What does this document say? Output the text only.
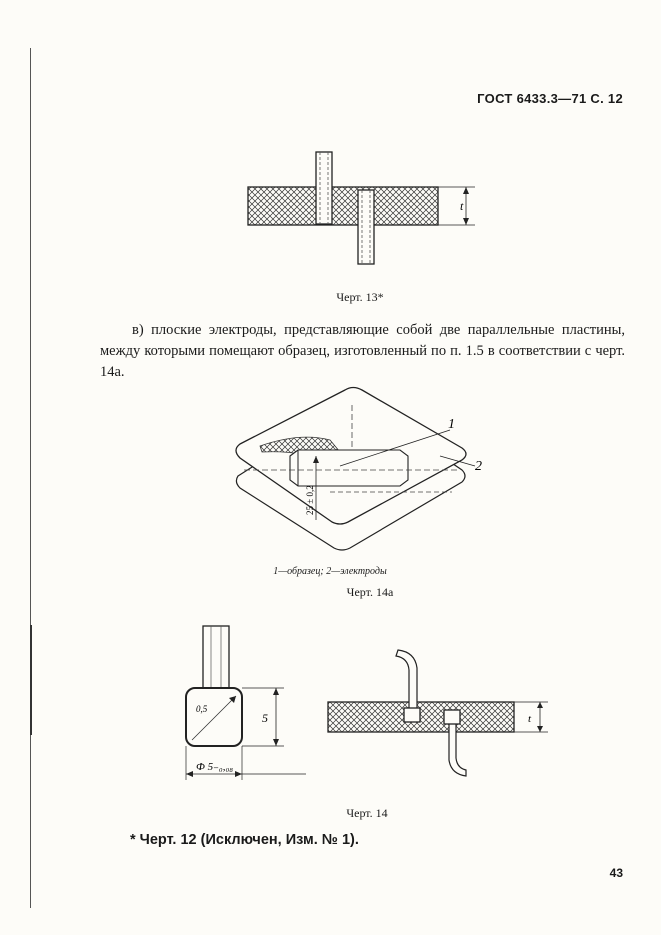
ГОСТ 6433.3—71 С. 12
t
Черт. 13*
в) плоские электроды, представляющие собой две параллельные пластины, между которыми помещают образец, изготовленный по п. 1.5 в соответствии с черт. 14а.
25 ± 0,2
1
2
1—образец; 2—электроды
Черт. 14а
0,5
5
Ф 5₋₀,₀₈
t
Черт. 14
* Черт. 12 (Исключен, Изм. № 1).
43
